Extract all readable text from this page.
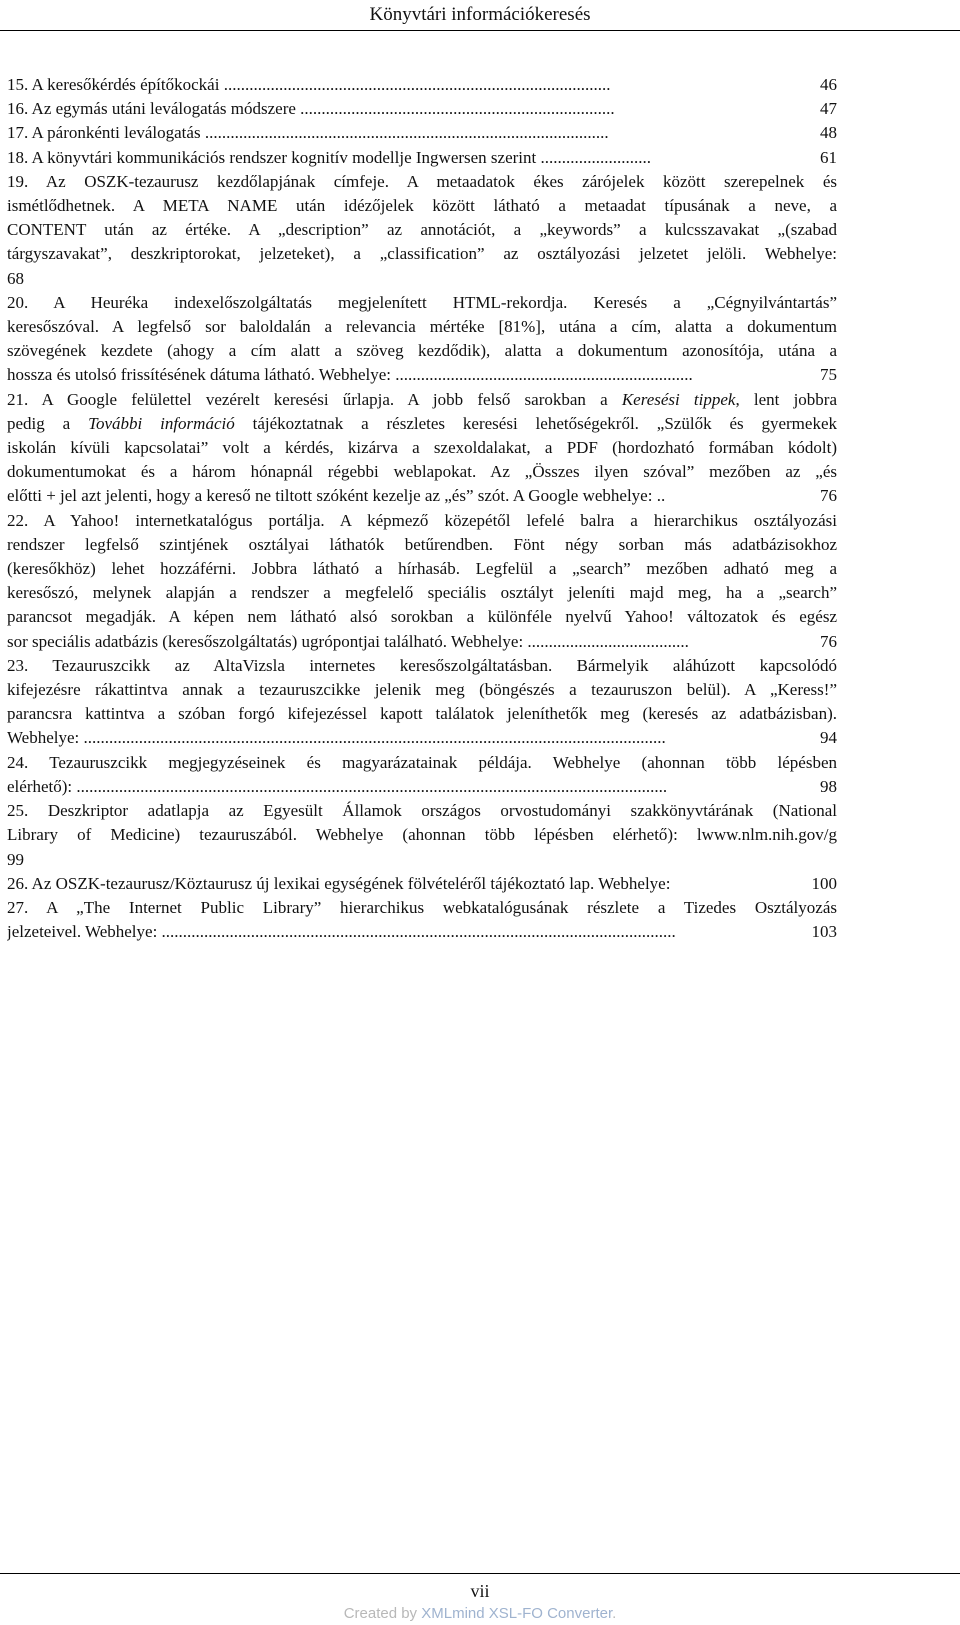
Könyvtári információkeresés
15. A keresőkérdés építőkockái ...........................................................................................	46
16. Az egymás utáni leválogatás módszere ..........................................................................	47
17. A páronkénti leválogatás ...............................................................................................	48
18. A könyvtári kommunikációs rendszer kognitív modellje Ingwersen szerint ..........................	61
19. Az OSZK-tezaurusz kezdőlapjának címfeje. A metaadatok ékes zárójelek között szerepelnek és
ismétlődhetnek. A META NAME után idézőjelek között látható a metaadat típusának a neve, a
CONTENT után az értéke. A „description” az annotációt, a „keywords” a kulcsszavakat „(szabad
tárgyszavakat”, deszkriptorokat, jelzeteket), a „classification” az osztályozási jelzetet jelöli. Webhelye:
68
20. A Heuréka indexelőszolgáltatás megjelenített HTML-rekordja. Keresés a „Cégnyilvántartás”
keresőszóval. A legfelső sor baloldalán a relevancia mértéke [81%], utána a cím, alatta a dokumentum
szövegének kezdete (ahogy a cím alatt a szöveg kezdődik), alatta a dokumentum azonosítója, utána a
hossza és utolsó frissítésének dátuma látható. Webhelye: ......................................................................	75
21. A Google felülettel vezérelt keresési űrlapja. A jobb felső sarokban a Keresési tippek, lent jobbra
pedig a További információ tájékoztatnak a részletes keresési lehetőségekről. „Szülők és gyermekek
iskolán kívüli kapcsolatai” volt a kérdés, kizárva a szexoldalakat, a PDF (hordozható formában kódolt)
dokumentumokat és a három hónapnál régebbi weblapokat. Az „Összes ilyen szóval” mezőben az „és
előtti + jel azt jelenti, hogy a kereső ne tiltott szóként kezelje az „és” szót. A Google webhelye: ..	76
22. A Yahoo! internetkatalógus portálja. A képmező közepétől lefelé balra a hierarchikus osztályozási
rendszer legfelső szintjének osztályai láthatók betűrendben. Fönt négy sorban más adatbázisokhoz
(keresőkhöz) lehet hozzáférni. Jobbra látható a hírhasáb. Legfelül a „search” mezőben adható meg a
keresőszó, melynek alapján a rendszer a megfelelő speciális osztályt jeleníti majd meg, ha a „search”
parancsot megadják. A képen nem látható alsó sorokban a különféle nyelvű Yahoo! változatok és egész
sor speciális adatbázis (keresőszolgáltatás) ugrópontjai található. Webhelye: ......................................	76
23. Tezauruszcikk az AltaVizsla internetes keresőszolgáltatásban. Bármelyik aláhúzott kapcsolódó
kifejezésre rákattintva annak a tezauruszcikke jelenik meg (böngészés a tezauruszon belül). A „Keress!”
parancsra kattintva a szóban forgó kifejezéssel kapott találatok jeleníthetők meg (keresés az adatbázisban).
Webhelye: .........................................................................................................................................	94
24. Tezauruszcikk megjegyzéseinek és magyarázatainak példája. Webhelye (ahonnan több lépésben
elérhető): ...........................................................................................................................................	98
25. Deszkriptor adatlapja az Egyesült Államok országos orvostudományi szakkönyvtárának (National
Library of Medicine) tezauruszából. Webhelye (ahonnan több lépésben elérhető): lwww.nlm.nih.gov/g
99
26. Az OSZK-tezaurusz/Köztaurusz új lexikai egységének fölvételéről tájékoztató lap. Webhelye:	100
27. A „The Internet Public Library” hierarchikus webkatalógusának részlete a Tizedes Osztályozás
jelzeteivel. Webhelye: .........................................................................................................................	103
vii
Created by XMLmind XSL-FO Converter.
